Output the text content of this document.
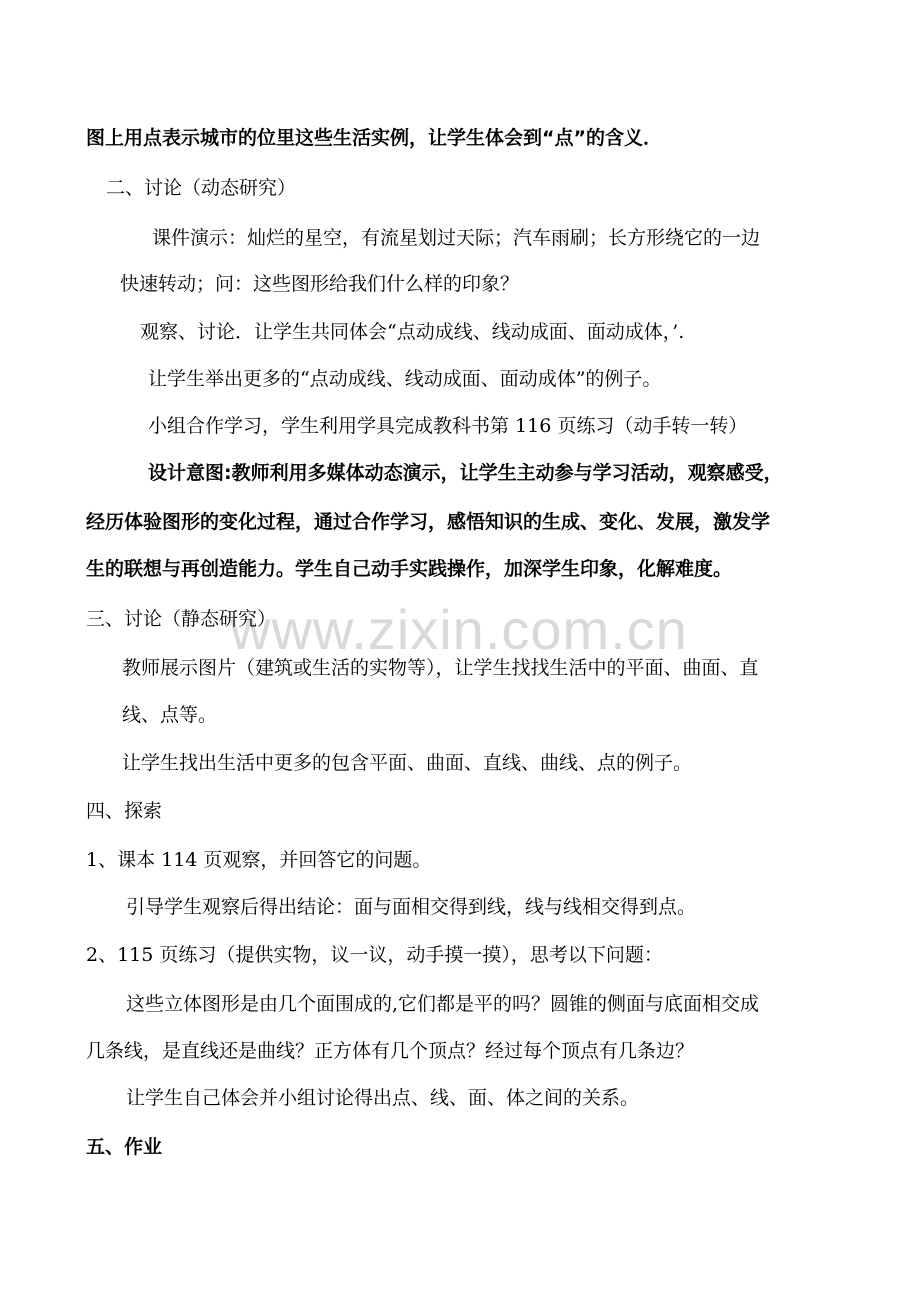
www.zixin.com.cn
图上用点表示城市的位里这些生活实例，让学生体会到“点”的含义．
二、讨论（动态研究）
课件演示：灿烂的星空，有流星划过天际；汽车雨刷；长方形绕它的一边
快速转动；问：这些图形给我们什么样的印象？
观察、讨论．让学生共同体会“点动成线、线动成面、面动成体，’.
让学生举出更多的“点动成线、线动成面、面动成体”的例子。
小组合作学习，学生利用学具完成教科书第 116 页练习（动手转一转）
设计意图:教师利用多媒体动态演示，让学生主动参与学习活动，观察感受，
经历体验图形的变化过程，通过合作学习，感悟知识的生成、变化、发展，激发学
生的联想与再创造能力。学生自己动手实践操作，加深学生印象，化解难度。
三、讨论（静态研究）
教师展示图片（建筑或生活的实物等），让学生找找生活中的平面、曲面、直
线、点等。
让学生找出生活中更多的包含平面、曲面、直线、曲线、点的例子。
四、探索
1、课本 114 页观察，并回答它的问题。
引导学生观察后得出结论：面与面相交得到线，线与线相交得到点。
2、115 页练习（提供实物，议一议，动手摸一摸），思考以下问题：
这些立体图形是由几个面围成的,它们都是平的吗？圆锥的侧面与底面相交成
几条线，是直线还是曲线？正方体有几个顶点？经过每个顶点有几条边？
让学生自己体会并小组讨论得出点、线、面、体之间的关系。
五、作业
